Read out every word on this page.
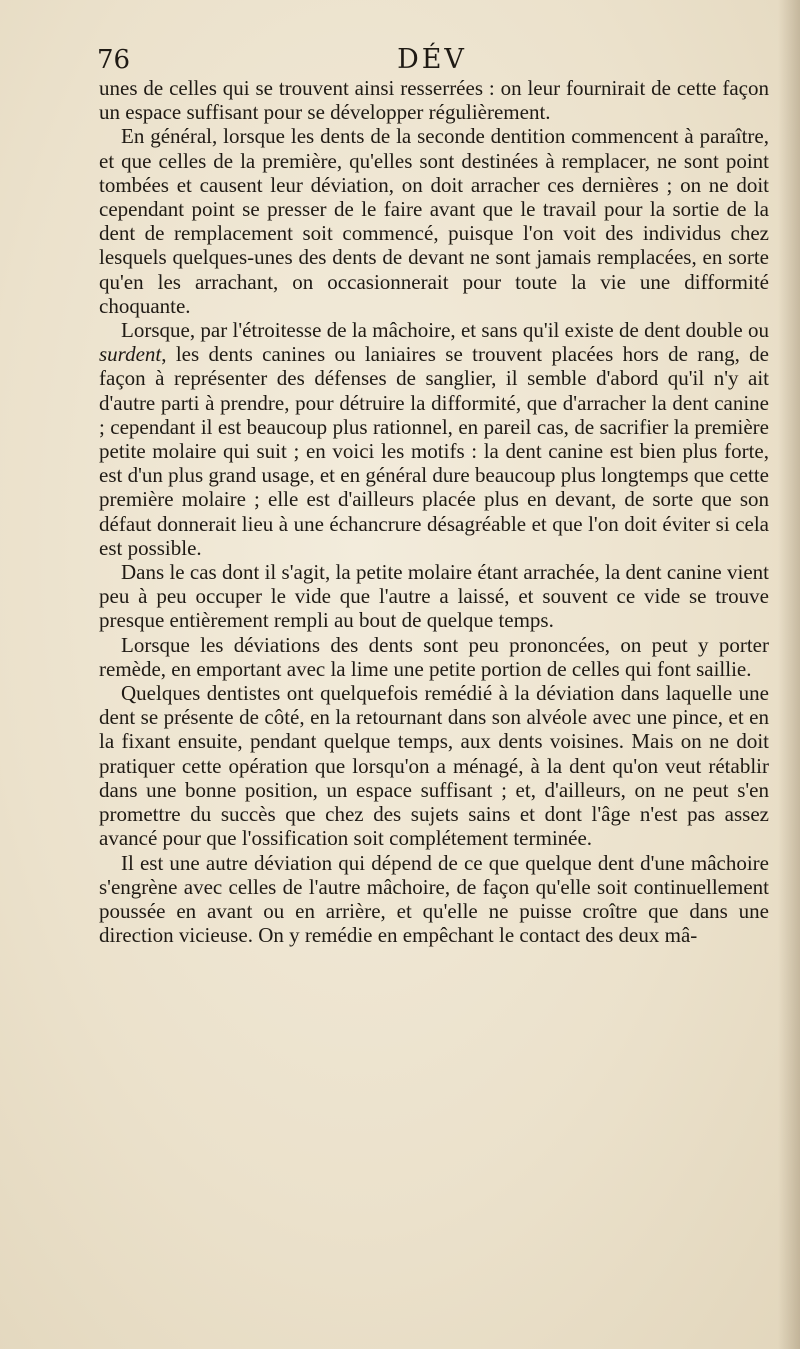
76	DÉV

unes de celles qui se trouvent ainsi resserrées : on leur fournirait de cette façon un espace suffisant pour se développer régulièrement.

En général, lorsque les dents de la seconde dentition commencent à paraître, et que celles de la première, qu'elles sont destinées à remplacer, ne sont point tombées et causent leur déviation, on doit arracher ces dernières ; on ne doit cependant point se presser de le faire avant que le travail pour la sortie de la dent de remplacement soit commencé, puisque l'on voit des individus chez lesquels quelques-unes des dents de devant ne sont jamais remplacées, en sorte qu'en les arrachant, on occasionnerait pour toute la vie une difformité choquante.

Lorsque, par l'étroitesse de la mâchoire, et sans qu'il existe de dent double ou surdent, les dents canines ou laniaires se trouvent placées hors de rang, de façon à représenter des défenses de sanglier, il semble d'abord qu'il n'y ait d'autre parti à prendre, pour détruire la difformité, que d'arracher la dent canine ; cependant il est beaucoup plus rationnel, en pareil cas, de sacrifier la première petite molaire qui suit ; en voici les motifs : la dent canine est bien plus forte, est d'un plus grand usage, et en général dure beaucoup plus longtemps que cette première molaire ; elle est d'ailleurs placée plus en devant, de sorte que son défaut donnerait lieu à une échancrure désagréable et que l'on doit éviter si cela est possible.

Dans le cas dont il s'agit, la petite molaire étant arrachée, la dent canine vient peu à peu occuper le vide que l'autre a laissé, et souvent ce vide se trouve presque entièrement rempli au bout de quelque temps.

Lorsque les déviations des dents sont peu prononcées, on peut y porter remède, en emportant avec la lime une petite portion de celles qui font saillie.

Quelques dentistes ont quelquefois remédié à la déviation dans laquelle une dent se présente de côté, en la retournant dans son alvéole avec une pince, et en la fixant ensuite, pendant quelque temps, aux dents voisines. Mais on ne doit pratiquer cette opération que lorsqu'on a ménagé, à la dent qu'on veut rétablir dans une bonne position, un espace suffisant ; et, d'ailleurs, on ne peut s'en promettre du succès que chez des sujets sains et dont l'âge n'est pas assez avancé pour que l'ossification soit complétement terminée.

Il est une autre déviation qui dépend de ce que quelque dent d'une mâchoire s'engrène avec celles de l'autre mâchoire, de façon qu'elle soit continuellement poussée en avant ou en arrière, et qu'elle ne puisse croître que dans une direction vicieuse. On y remédie en empêchant le contact des deux mâ-
